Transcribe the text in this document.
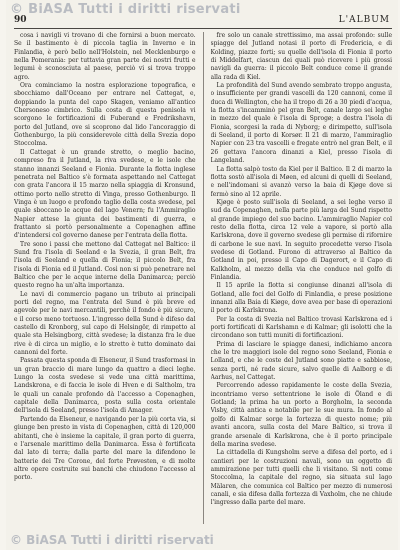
© BiASA Tutti i diritti riservati
90	L'ALBUM

cosa i navigli vi trovano di che fornirsi a buon mercato. Se il bastimento è di piccola taglia in Inverno e in Finlandia, è però bello nell'Holstein, nel Mecklenburgo e nella Pomerania: per tuttavia gran parte dei nostri frutti e legumi è sconosciuta al paese, perciò vi si trova troppo agro.

Ora cominciamo la nostra esplorazione topografica, e sbocchiamo dall'Oceano per entrare nel Cattegat, e, doppiando la punta del capo Skagen, veniamo all'antico Chersoneso cimbrico. Sulla costa di questa penisola vi scorgono le fortificazioni di Fuberand e Fredrikshavn, porto del Jutland, ove si scoprono dal lido l'ancoraggio di Gothenburgo, la più considerevole città della Svezia dopo Stoccolma.

Il Cattegat è un grande stretto, o meglio bacino, compreso fra il Jutland, la riva svedese, e le isole che stanno innanzi Seeland e Fionia. Durante la flotta inglese penetrata nel Baltico s'è formata aspettando nel Cattegat con grata l'ancora il 15 marzo nella spiaggia di Kronsund, ottimo porto nello stretto di Vinga, presso Gothenburgo. Il Vinga è un luogo e profondo taglio della costa svedese, pel quale sboccano le acque del lago Venern; fu l'Ammiraglio Napier attese la giunta dei bastimenti di guerra, e frattanto si portò personalmente a Copenaghen affine d'intendersi col governo danese per l'entrata della flotta.

Tre sono i passi che mettono dal Cattegat nel Baltico: il Sund fra l'isola di Seeland e la Svezia, il gran Belt, fra l'isola di Seeland e quella di Fionia; il piccolo Belt, fra l'isola di Fionia ed il Jutland. Così non si può penetrare nel Baltico che per le acque interne della Danimarca; perciò questo regno ha un'alta importanza.

Le navi di commercio pagano un tributo ai principali porti del regno, ma l'entrata del Sund è più breve ed agevole per le navi mercantili, perchè il fondo è più sicuro, e il corso meno tortuoso. L'ingresso della Sund è difeso dal castello di Kronborg, sul capo di Helsingör, di rimpetto al quale sta Helsingborg, città svedese; la distanza fra le due rive è di circa un miglio, e lo stretto è tutto dominato dai cannoni del forte.

Passata questa sponda di Elseneur, il Sund trasformasi in un gran braccio di mare lungo da quattro a dieci leghe. Lungo la costa svedese si vede una città marittima, Landskrona, e di faccia le isole di Hven e di Saltholm, tra le quali un canale profondo dà l'accesso a Copenaghen, capitale della Danimarca, posta sulla costa orientale dell'isola di Seeland, presso l'isola di Amager.

Partendo da Elseneur, e navigando per la più corta via, si giunge ben presto in vista di Copenaghen, città di 120,000 abitanti, che è insieme la capitale, il gran porto di guerra, e l'arsenale marittimo della Danimarca. Essa è fortificata dal lato di terra; dalla parte del mare la difendono le batterie dei Tre Corone, del forte Prøvesten, e di molte altre opere costruite sui banchi che chiudono l'accesso al porto.

fre solo un canale strettissimo, ma assai profondo: sulle spiagge del Jutland notasi il porto di Fredericia, e di Kolding, piazze forti; su quelle dell'isola di Fionia il porto di Middelfart, ciascun dei quali può ricevere i più grossi navigli da guerra: il piccolo Belt conduce come il grande alla rada di Kiel.

La profondità del Sund avendo sembrato troppo angusta, o insufficiente per grandi vascelli da 120 cannoni, come il duca di Wellington, che ha il tropo di 26 a 30 piedi d'acqua, la flotta s'incamminò pel gran Belt, canale largo sei leghe in mezzo del quale è l'isola di Sprogø; a destra l'isola di Fionia, scorgesi la rada di Nyborg; e dirimpetto, sull'isola di Seeland, il porto di Korsør. Il 21 di marzo, l'ammiraglio Napier con 23 tra vascelli e fregate entrò nel gran Belt, e il 26 gettava l'ancora dinanzi a Kiel, presso l'isola di Langeland.

La flotta salpò tosto da Kiel per il Baltico. Il 2 di marzo la flotta sostò all'isola di Møen, ed alcuni di quelli di Seeland, e nell'indomani si avanzò verso la baia di Kjøge dove si fermò sino al 12 aprile.

Kjøge è posto sull'isola di Seeland, a sei leghe verso il sud da Copenaghen, nella parte più larga del Sund rispetto al grande impiego del suo bacino. L'ammiraglio Napier col resto della flotta, circa 12 vele a vapore, si portò alla Karlskrona, dove il governo svedese gli permise di rifornire di carbone le sue navi. In seguito procedette verso l'isola svedese di Gotland. Furono di attraverso al Baltico da Gotland in poi, presso il Capo di Dagerort, e il Capo di Kalkholm, al mezzo della via che conduce nel golfo di Finlandia.

Il 15 aprile la flotta si congiunse dinanzi all'isola di Gotland, alle foci del Golfo di Finlandia, e prese posizione innanzi alla Baia di Kiøge, dove avea per base di operazioni il porto di Karlskrona.

Per la costa di Svezia nel Baltico trovasi Karlskrona ed i porti fortificati di Karlshamn e di Kalmar; gli isolotti che la circondano son tutti muniti di fortificazioni.

Prima di lasciare le spiagge danesi, indichiamo ancora che le tre maggiori isole del regno sono Seeland, Fionia e Lolland, e che le coste del Jutland sono piatte e sabbiose, senza porti, né rade sicure, salvo quelle di Aalborg e di Aarhus, nel Cattegat.

Percorrendo adesso rapidamente le coste della Svezia, incontriamo verso settentrione le isole di Öland e di Gotland; la prima ha un porto a Borgholm, la seconda Visby, città antica e notabile per le sue mura. In fondo al golfo di Kalmar sorge la fortezza di questo nome; più avanti ancora, sulla costa del Mare Baltico, si trova il grande arsenale di Karlskrona, che è il porto principale della marina svedese.

La cittadella di Kungsholm serve a difesa del porto, ed i cantieri per le costruzioni navali, sono un oggetto di ammirazione per tutti quelli che li visitano. Si noti come Stoccolma, la capitale del regno, sia situata sul lago Mälaren, che comunica col Baltico per mezzo di numerosi canali, e sia difesa dalla fortezza di Vaxholm, che ne chiude l'ingresso dalla parte del mare.

© BiASA Tutti i diritti riservati
